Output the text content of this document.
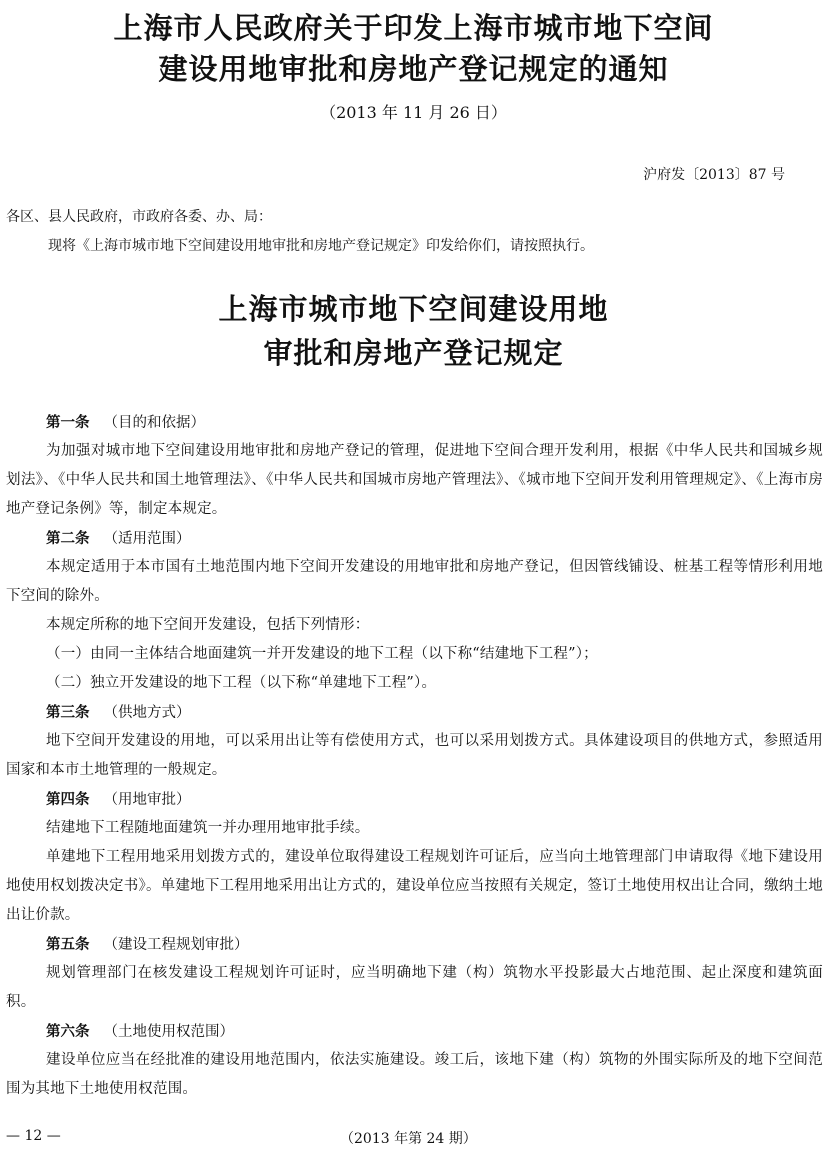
上海市人民政府关于印发上海市城市地下空间
建设用地审批和房地产登记规定的通知
（2013 年 11 月 26 日）
沪府发〔2013〕87 号
各区、县人民政府，市政府各委、办、局：
现将《上海市城市地下空间建设用地审批和房地产登记规定》印发给你们，请按照执行。
上海市城市地下空间建设用地
审批和房地产登记规定
第一条 （目的和依据）
为加强对城市地下空间建设用地审批和房地产登记的管理，促进地下空间合理开发利用，根据《中华人民共和国城乡规划法》、《中华人民共和国土地管理法》、《中华人民共和国城市房地产管理法》、《城市地下空间开发利用管理规定》、《上海市房地产登记条例》等，制定本规定。
第二条 （适用范围）
本规定适用于本市国有土地范围内地下空间开发建设的用地审批和房地产登记，但因管线铺设、桩基工程等情形利用地下空间的除外。
本规定所称的地下空间开发建设，包括下列情形：
（一）由同一主体结合地面建筑一并开发建设的地下工程（以下称“结建地下工程”）；
（二）独立开发建设的地下工程（以下称“单建地下工程”）。
第三条 （供地方式）
地下空间开发建设的用地，可以采用出让等有偿使用方式，也可以采用划拨方式。具体建设项目的供地方式，参照适用国家和本市土地管理的一般规定。
第四条 （用地审批）
结建地下工程随地面建筑一并办理用地审批手续。
单建地下工程用地采用划拨方式的，建设单位取得建设工程规划许可证后，应当向土地管理部门申请取得《地下建设用地使用权划拨决定书》。单建地下工程用地采用出让方式的，建设单位应当按照有关规定，签订土地使用权出让合同，缴纳土地出让价款。
第五条 （建设工程规划审批）
规划管理部门在核发建设工程规划许可证时，应当明确地下建（构）筑物水平投影最大占地范围、起止深度和建筑面积。
第六条 （土地使用权范围）
建设单位应当在经批准的建设用地范围内，依法实施建设。竣工后，该地下建（构）筑物的外围实际所及的地下空间范围为其地下土地使用权范围。
— 12 —	（2013 年第 24 期）
